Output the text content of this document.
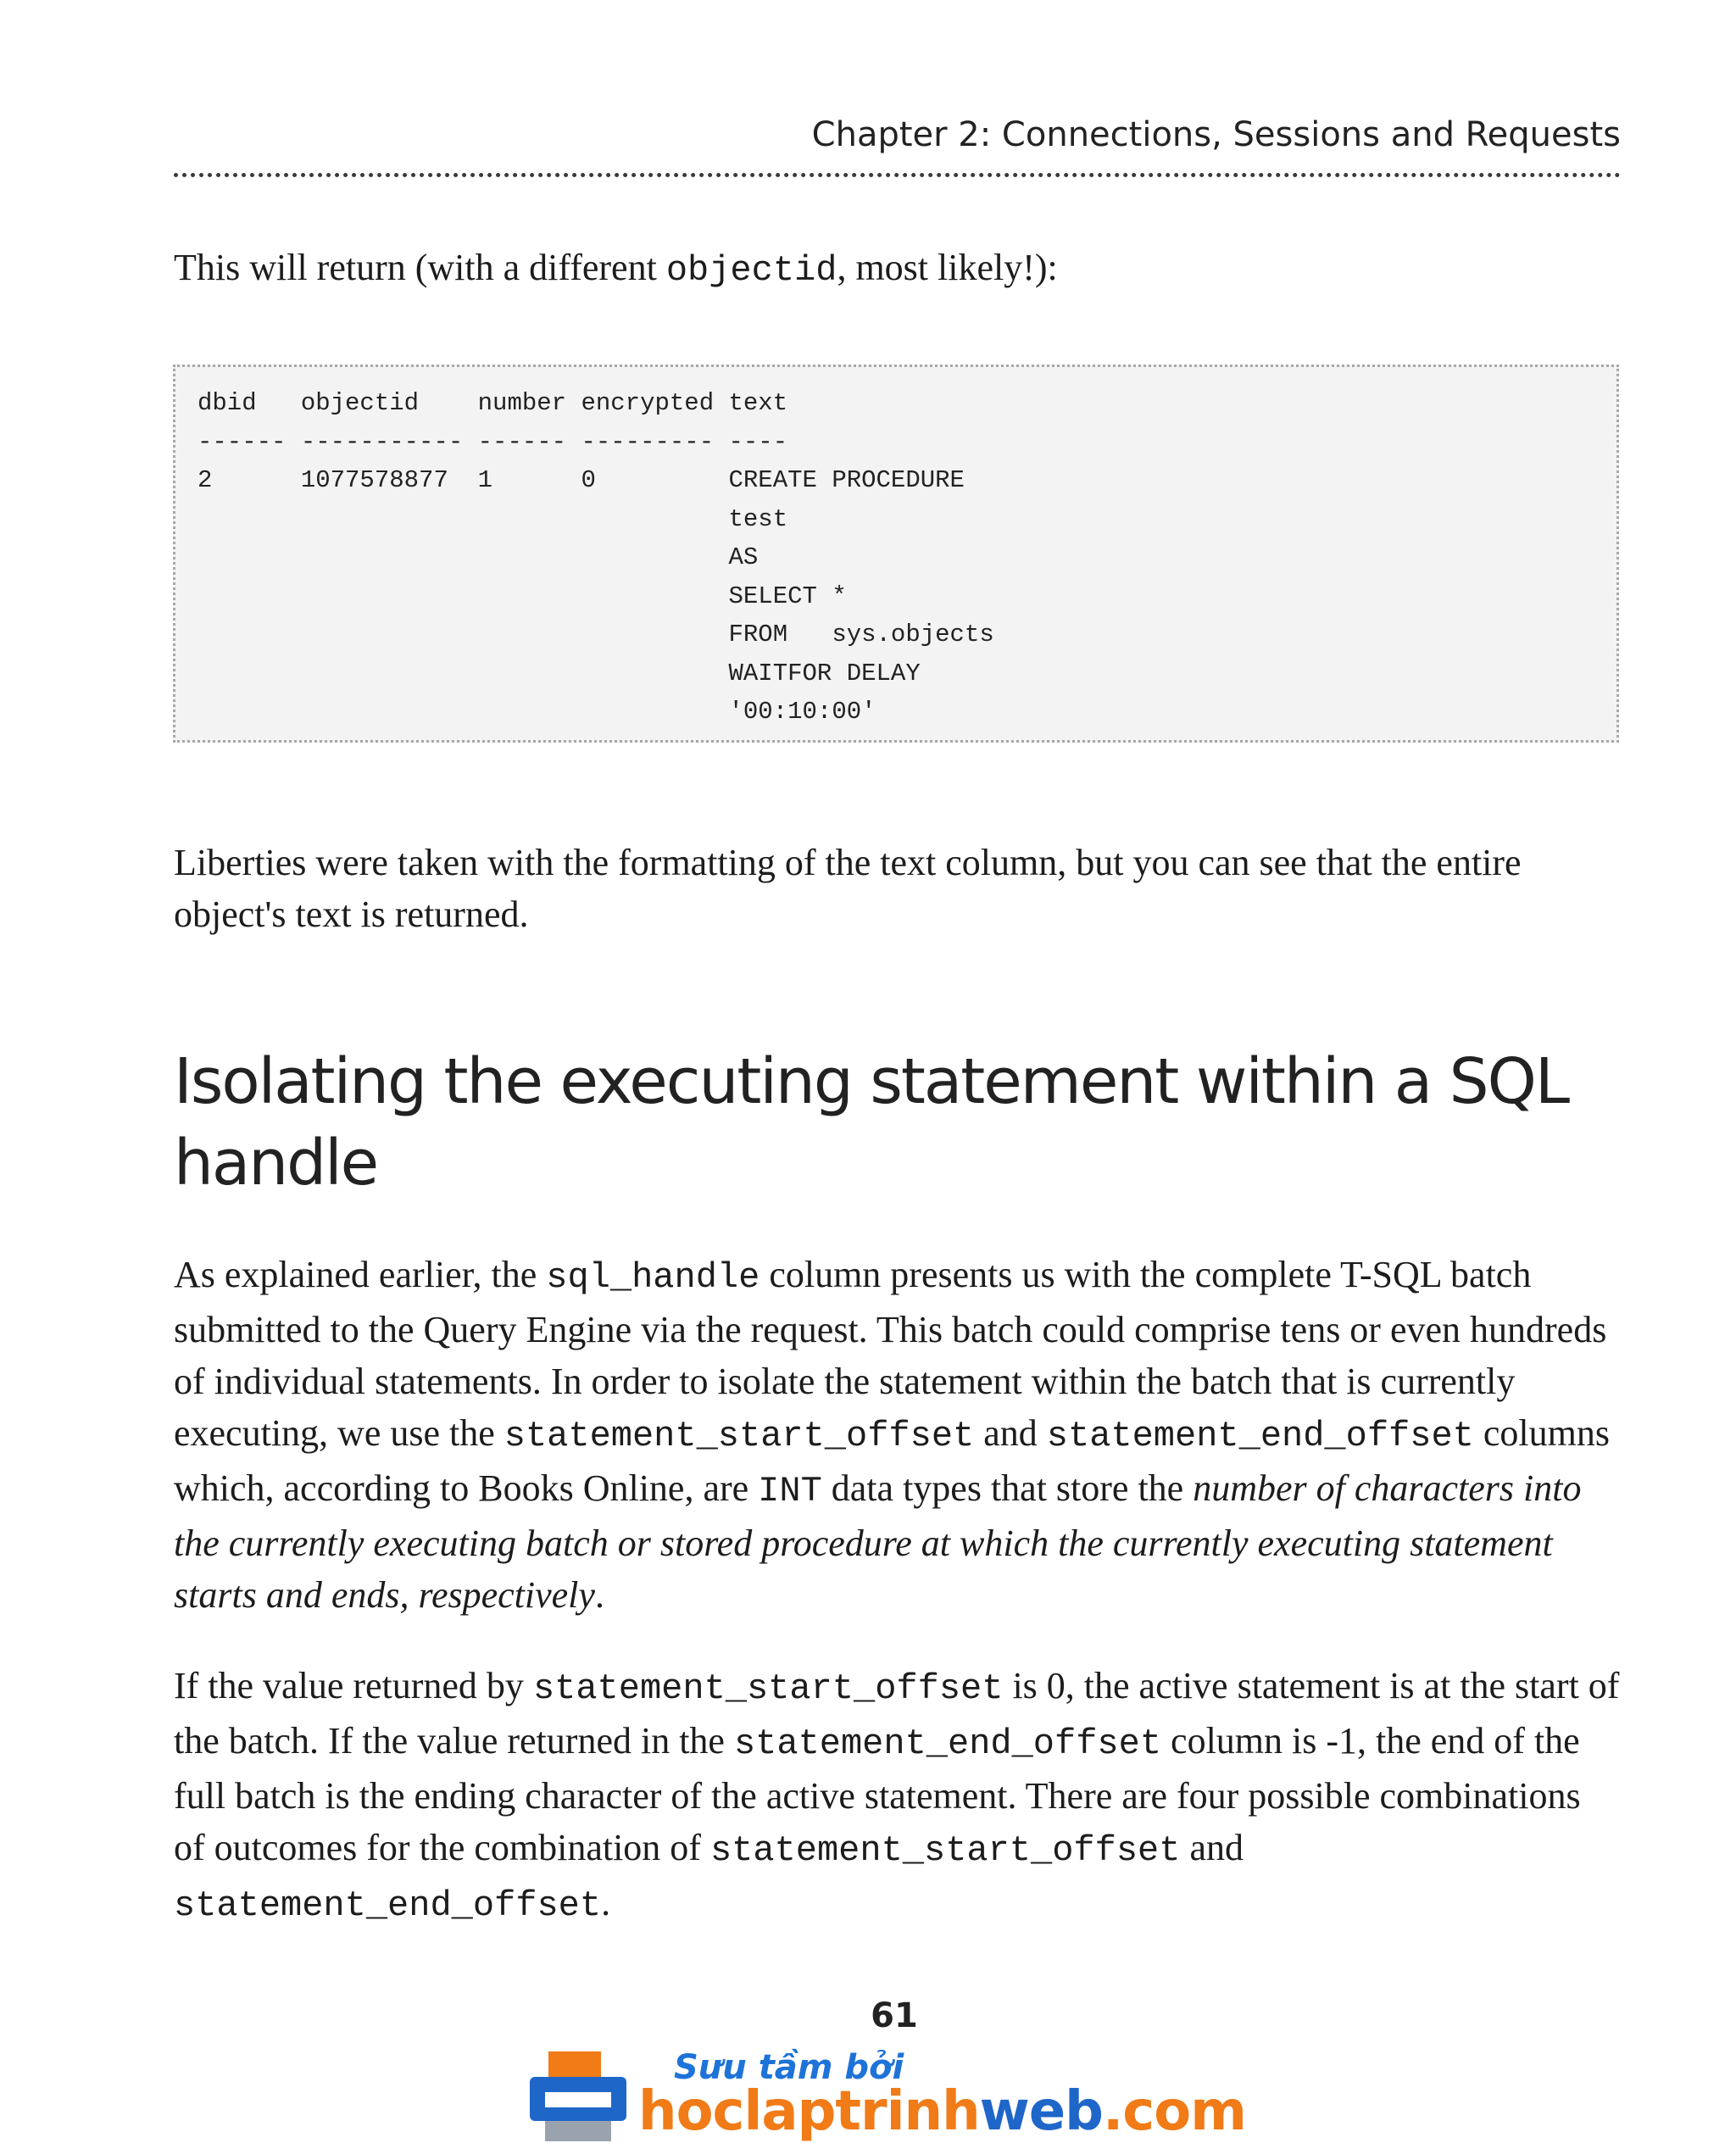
Chapter 2: Connections, Sessions and Requests

This will return (with a different objectid, most likely!):

dbid   objectid    number encrypted text
------ ----------- ------ --------- ----
2      1077578877  1      0         CREATE PROCEDURE
test
AS
SELECT *
FROM   sys.objects
WAITFOR DELAY
'00:10:00'

Liberties were taken with the formatting of the text column, but you can see that the entire object's text is returned.

Isolating the executing statement within a SQL handle

As explained earlier, the sql_handle column presents us with the complete T-SQL batch submitted to the Query Engine via the request. This batch could comprise tens or even hundreds of individual statements. In order to isolate the statement within the batch that is currently executing, we use the statement_start_offset and statement_end_offset columns which, according to Books Online, are INT data types that store the number of characters into the currently executing batch or stored procedure at which the currently executing statement starts and ends, respectively.

If the value returned by statement_start_offset is 0, the active statement is at the start of the batch. If the value returned in the statement_end_offset column is -1, the end of the full batch is the ending character of the active statement. There are four possible combinations of outcomes for the combination of statement_start_offset and statement_end_offset.

61
Sưu tầm bởi
hoclaptrinhweb.com
